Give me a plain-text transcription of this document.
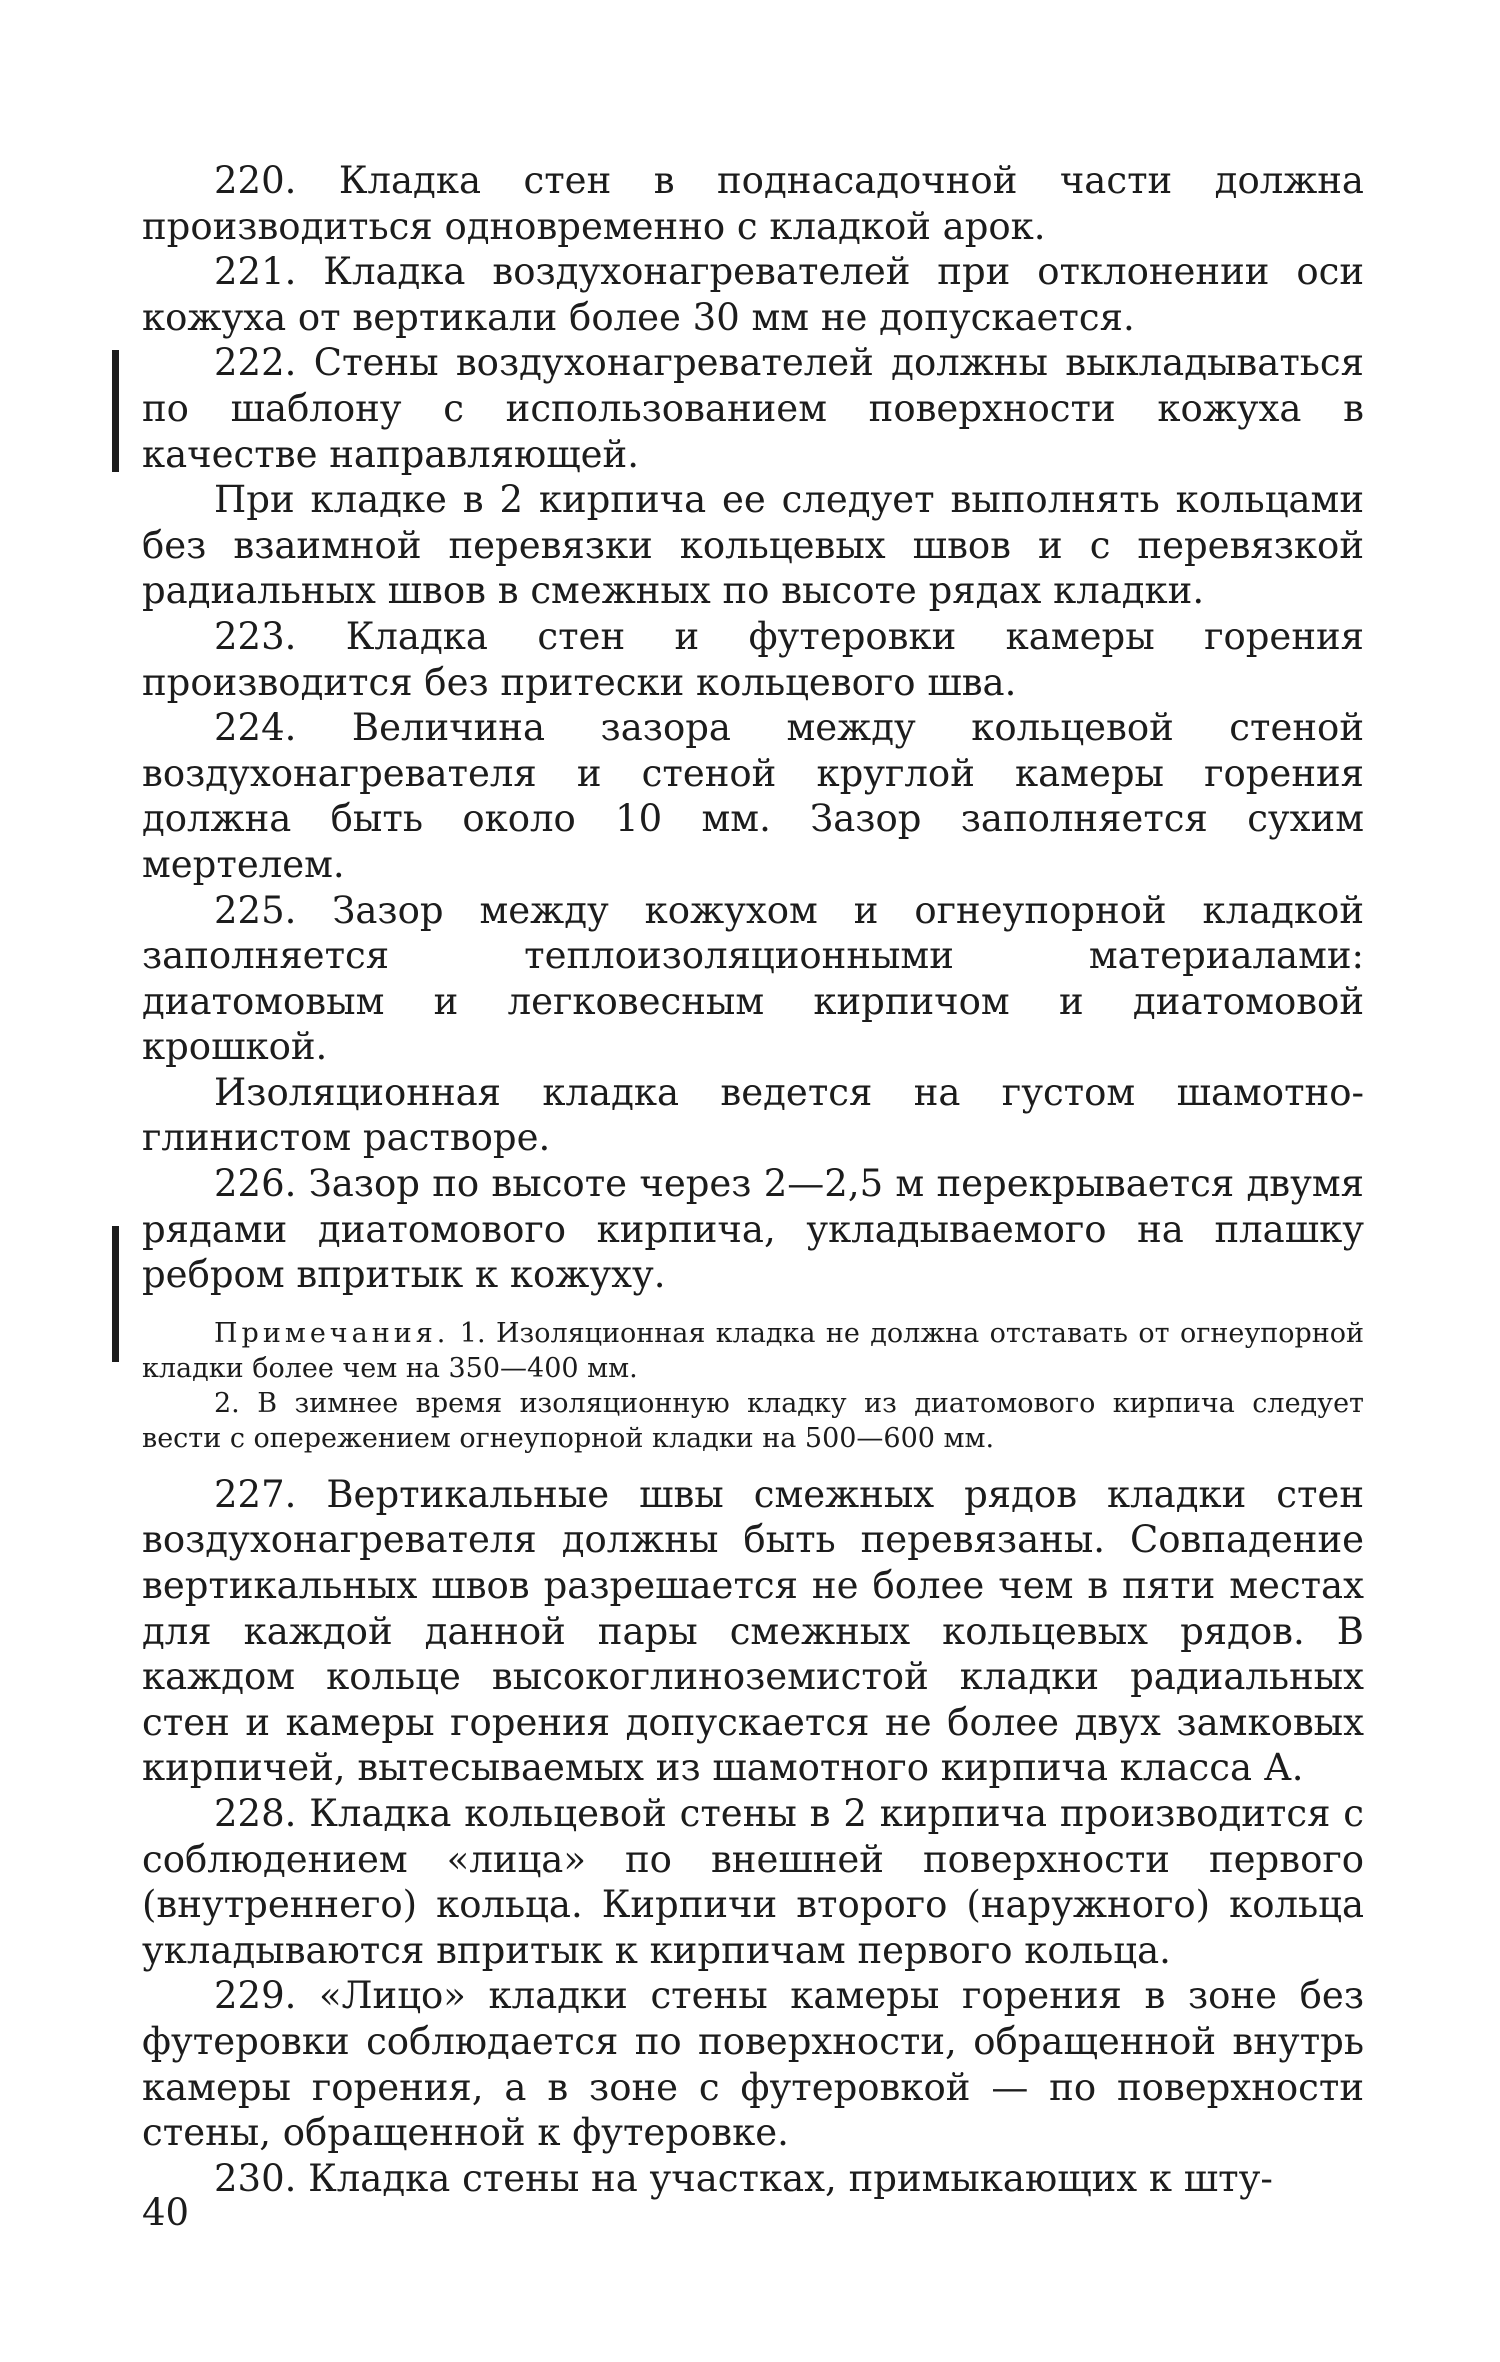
220. Кладка стен в поднасадочной части должна производиться одновременно с кладкой арок.

221. Кладка воздухонагревателей при отклонении оси кожуха от вертикали более 30 мм не допускается.

222. Стены воздухонагревателей должны выкладываться по шаблону с использованием поверхности кожуха в качестве направляющей.

При кладке в 2 кирпича ее следует выполнять кольцами без взаимной перевязки кольцевых швов и с перевязкой радиальных швов в смежных по высоте рядах кладки.

223. Кладка стен и футеровки камеры горения производится без притески кольцевого шва.

224. Величина зазора между кольцевой стеной воздухонагревателя и стеной круглой камеры горения должна быть около 10 мм. Зазор заполняется сухим мертелем.

225. Зазор между кожухом и огнеупорной кладкой заполняется теплоизоляционными материалами: диатомовым и легковесным кирпичом и диатомовой крошкой.

Изоляционная кладка ведется на густом шамотно-глинистом растворе.

226. Зазор по высоте через 2—2,5 м перекрывается двумя рядами диатомового кирпича, укладываемого на плашку ребром впритык к кожуху.

Примечания. 1. Изоляционная кладка не должна отставать от огнеупорной кладки более чем на 350—400 мм.

2. В зимнее время изоляционную кладку из диатомового кирпича следует вести с опережением огнеупорной кладки на 500—600 мм.

227. Вертикальные швы смежных рядов кладки стен воздухонагревателя должны быть перевязаны. Совпадение вертикальных швов разрешается не более чем в пяти местах для каждой данной пары смежных кольцевых рядов. В каждом кольце высокоглиноземистой кладки радиальных стен и камеры горения допускается не более двух замковых кирпичей, вытесываемых из шамотного кирпича класса А.

228. Кладка кольцевой стены в 2 кирпича производится с соблюдением «лица» по внешней поверхности первого (внутреннего) кольца. Кирпичи второго (наружного) кольца укладываются впритык к кирпичам первого кольца.

229. «Лицо» кладки стены камеры горения в зоне без футеровки соблюдается по поверхности, обращенной внутрь камеры горения, а в зоне с футеровкой — по поверхности стены, обращенной к футеровке.

230. Кладка стены на участках, примыкающих к шту-

40
